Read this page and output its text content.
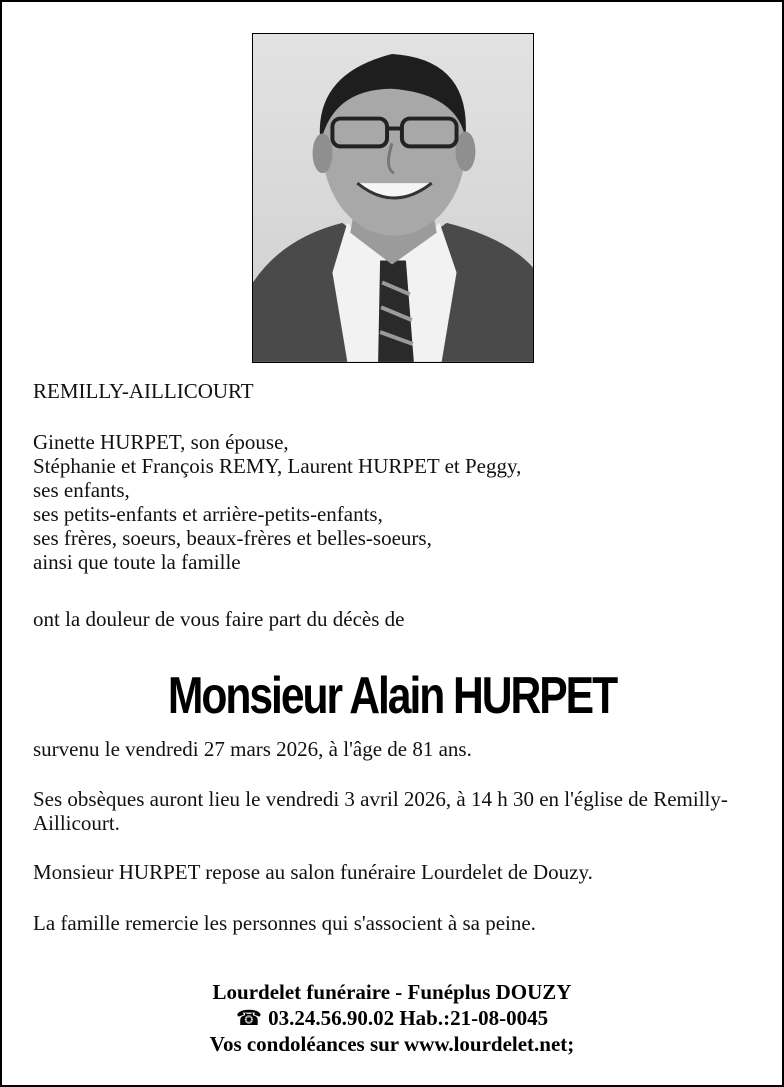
REMILLY-AILLICOURT
Ginette HURPET, son épouse,
Stéphanie et François REMY, Laurent HURPET et Peggy,
ses enfants,
ses petits-enfants et arrière-petits-enfants,
ses frères, soeurs, beaux-frères et belles-soeurs,
ainsi que toute la famille
ont la douleur de vous faire part du décès de
Monsieur Alain HURPET
survenu le vendredi 27 mars 2026, à l'âge de 81 ans.
Ses obsèques auront lieu le vendredi 3 avril 2026, à 14 h 30 en l'église de Remilly-Aillicourt.
Monsieur HURPET repose au salon funéraire Lourdelet de Douzy.
La famille remercie les personnes qui s'associent à sa peine.
Lourdelet funéraire - Funéplus DOUZY
☎ 03.24.56.90.02 Hab.:21-08-0045
Vos condoléances sur www.lourdelet.net;
